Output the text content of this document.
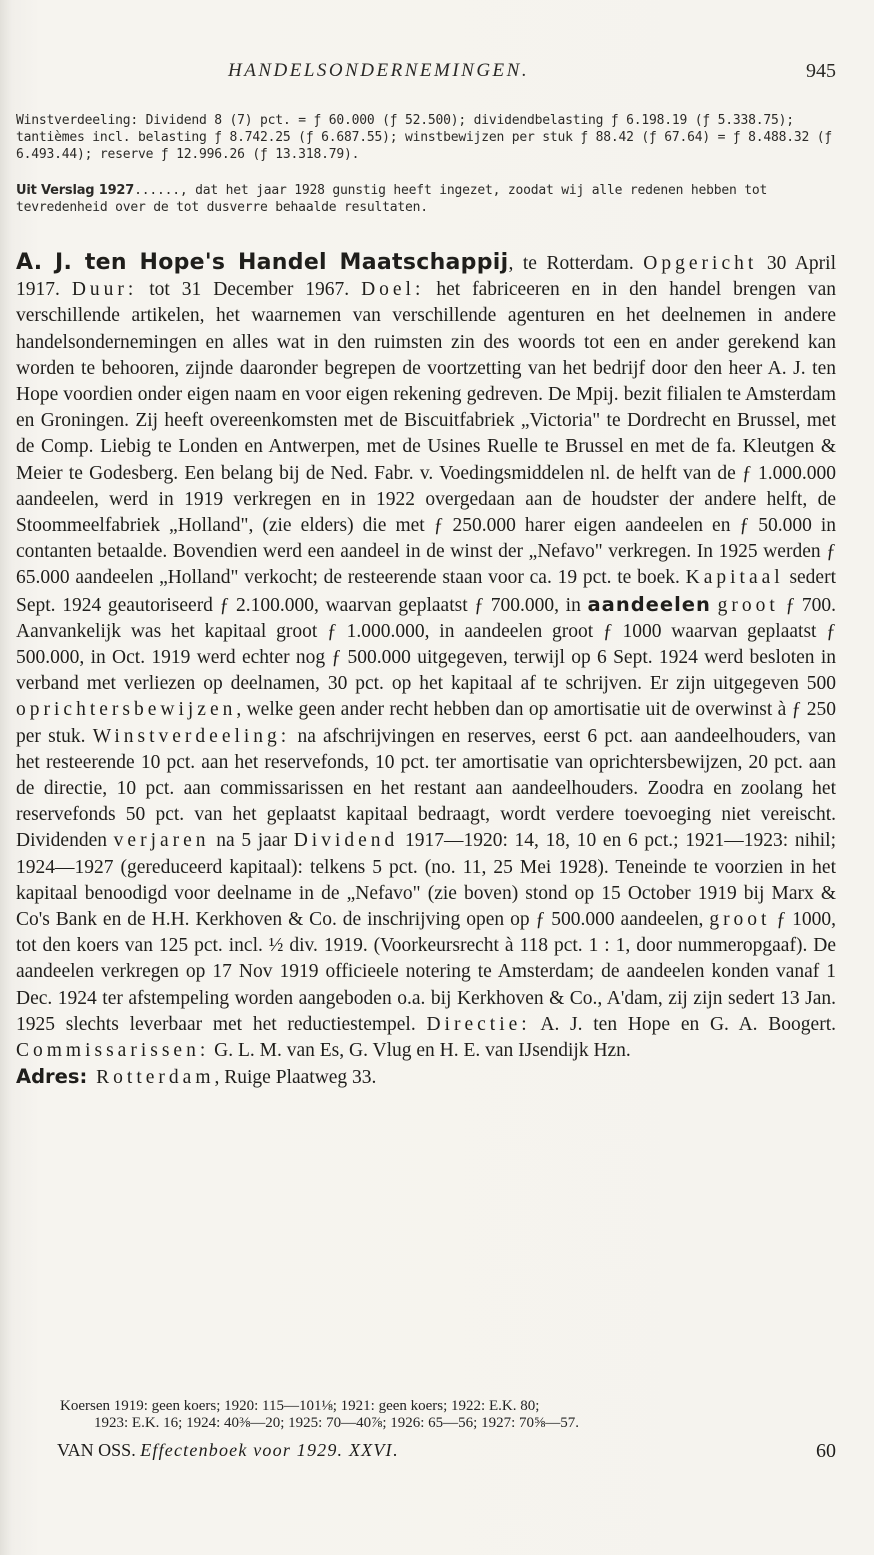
HANDELSONDERNEMINGEN.	945
Winstverdeeling: Dividend 8 (7) pct. = ƒ 60.000 (ƒ 52.500); dividendbelasting ƒ 6.198.19 (ƒ 5.338.75); tantièmes incl. belasting ƒ 8.742.25 (ƒ 6.687.55); winstbewijzen per stuk ƒ 88.42 (ƒ 67.64) = ƒ 8.488.32 (ƒ 6.493.44); reserve ƒ 12.996.26 (ƒ 13.318.79).
Uit Verslag 1927......, dat het jaar 1928 gunstig heeft ingezet, zoodat wij alle redenen hebben tot tevredenheid over de tot dusverre behaalde resultaten.
A. J. ten Hope's Handel Maatschappij, te Rotterdam. Opgericht 30 April 1917. Duur: tot 31 December 1967. Doel: het fabriceeren en in den handel brengen van verschillende artikelen, het waarnemen van verschillende agenturen en het deelnemen in andere handelsondernemingen en alles wat in den ruimsten zin des woords tot een en ander gerekend kan worden te behooren, zijnde daaronder begrepen de voortzetting van het bedrijf door den heer A. J. ten Hope voordien onder eigen naam en voor eigen rekening gedreven. De Mpij. bezit filialen te Amsterdam en Groningen. Zij heeft overeenkomsten met de Biscuitfabriek „Victoria" te Dordrecht en Brussel, met de Comp. Liebig te Londen en Antwerpen, met de Usines Ruelle te Brussel en met de fa. Kleutgen & Meier te Godesberg. Een belang bij de Ned. Fabr. v. Voedingsmiddelen nl. de helft van de ƒ 1.000.000 aandeelen, werd in 1919 verkregen en in 1922 overgedaan aan de houdster der andere helft, de Stoommeelfabriek „Holland", (zie elders) die met ƒ 250.000 harer eigen aandeelen en ƒ 50.000 in contanten betaalde. Bovendien werd een aandeel in de winst der „Nefavo" verkregen. In 1925 werden ƒ 65.000 aandeelen „Holland" verkocht; de resteerende staan voor ca. 19 pct. te boek. Kapitaal sedert Sept. 1924 geautoriseerd ƒ 2.100.000, waarvan geplaatst ƒ 700.000, in aandeelen groot ƒ 700. Aanvankelijk was het kapitaal groot ƒ 1.000.000, in aandeelen groot ƒ 1000 waarvan geplaatst ƒ 500.000, in Oct. 1919 werd echter nog ƒ 500.000 uitgegeven, terwijl op 6 Sept. 1924 werd besloten in verband met verliezen op deelnamen, 30 pct. op het kapitaal af te schrijven. Er zijn uitgegeven 500 oprichtersbewijzen, welke geen ander recht hebben dan op amortisatie uit de overwinst à ƒ 250 per stuk. Winstverdeeling: na afschrijvingen en reserves, eerst 6 pct. aan aandeelhouders, van het resteerende 10 pct. aan het reservefonds, 10 pct. ter amortisatie van oprichtersbewijzen, 20 pct. aan de directie, 10 pct. aan commissarissen en het restant aan aandeelhouders. Zoodra en zoolang het reservefonds 50 pct. van het geplaatst kapitaal bedraagt, wordt verdere toevoeging niet vereischt. Dividenden verjaren na 5 jaar Dividend 1917—1920: 14, 18, 10 en 6 pct.; 1921—1923: nihil; 1924—1927 (gereduceerd kapitaal): telkens 5 pct. (no. 11, 25 Mei 1928). Teneinde te voorzien in het kapitaal benoodigd voor deelname in de „Nefavo" (zie boven) stond op 15 October 1919 bij Marx & Co's Bank en de H.H. Kerkhoven & Co. de inschrijving open op ƒ 500.000 aandeelen, groot ƒ 1000, tot den koers van 125 pct. incl. ½ div. 1919. (Voorkeursrecht à 118 pct. 1 : 1, door nummeropgaaf). De aandeelen verkregen op 17 Nov 1919 officieele notering te Amsterdam; de aandeelen konden vanaf 1 Dec. 1924 ter afstempeling worden aangeboden o.a. bij Kerkhoven & Co., A'dam, zij zijn sedert 13 Jan. 1925 slechts leverbaar met het reductiestempel. Directie: A. J. ten Hope en G. A. Boogert. Commissarissen: G. L. M. van Es, G. Vlug en H. E. van IJsendijk Hzn.
Adres: Rotterdam, Ruige Plaatweg 33.
Koersen 1919: geen koers; 1920: 115—101⅛; 1921: geen koers; 1922: E.K. 80;
1923: E.K. 16; 1924: 40⅜—20; 1925: 70—40⅞; 1926: 65—56; 1927: 70⅝—57.
VAN OSS. Effectenboek voor 1929. XXVI.	60
